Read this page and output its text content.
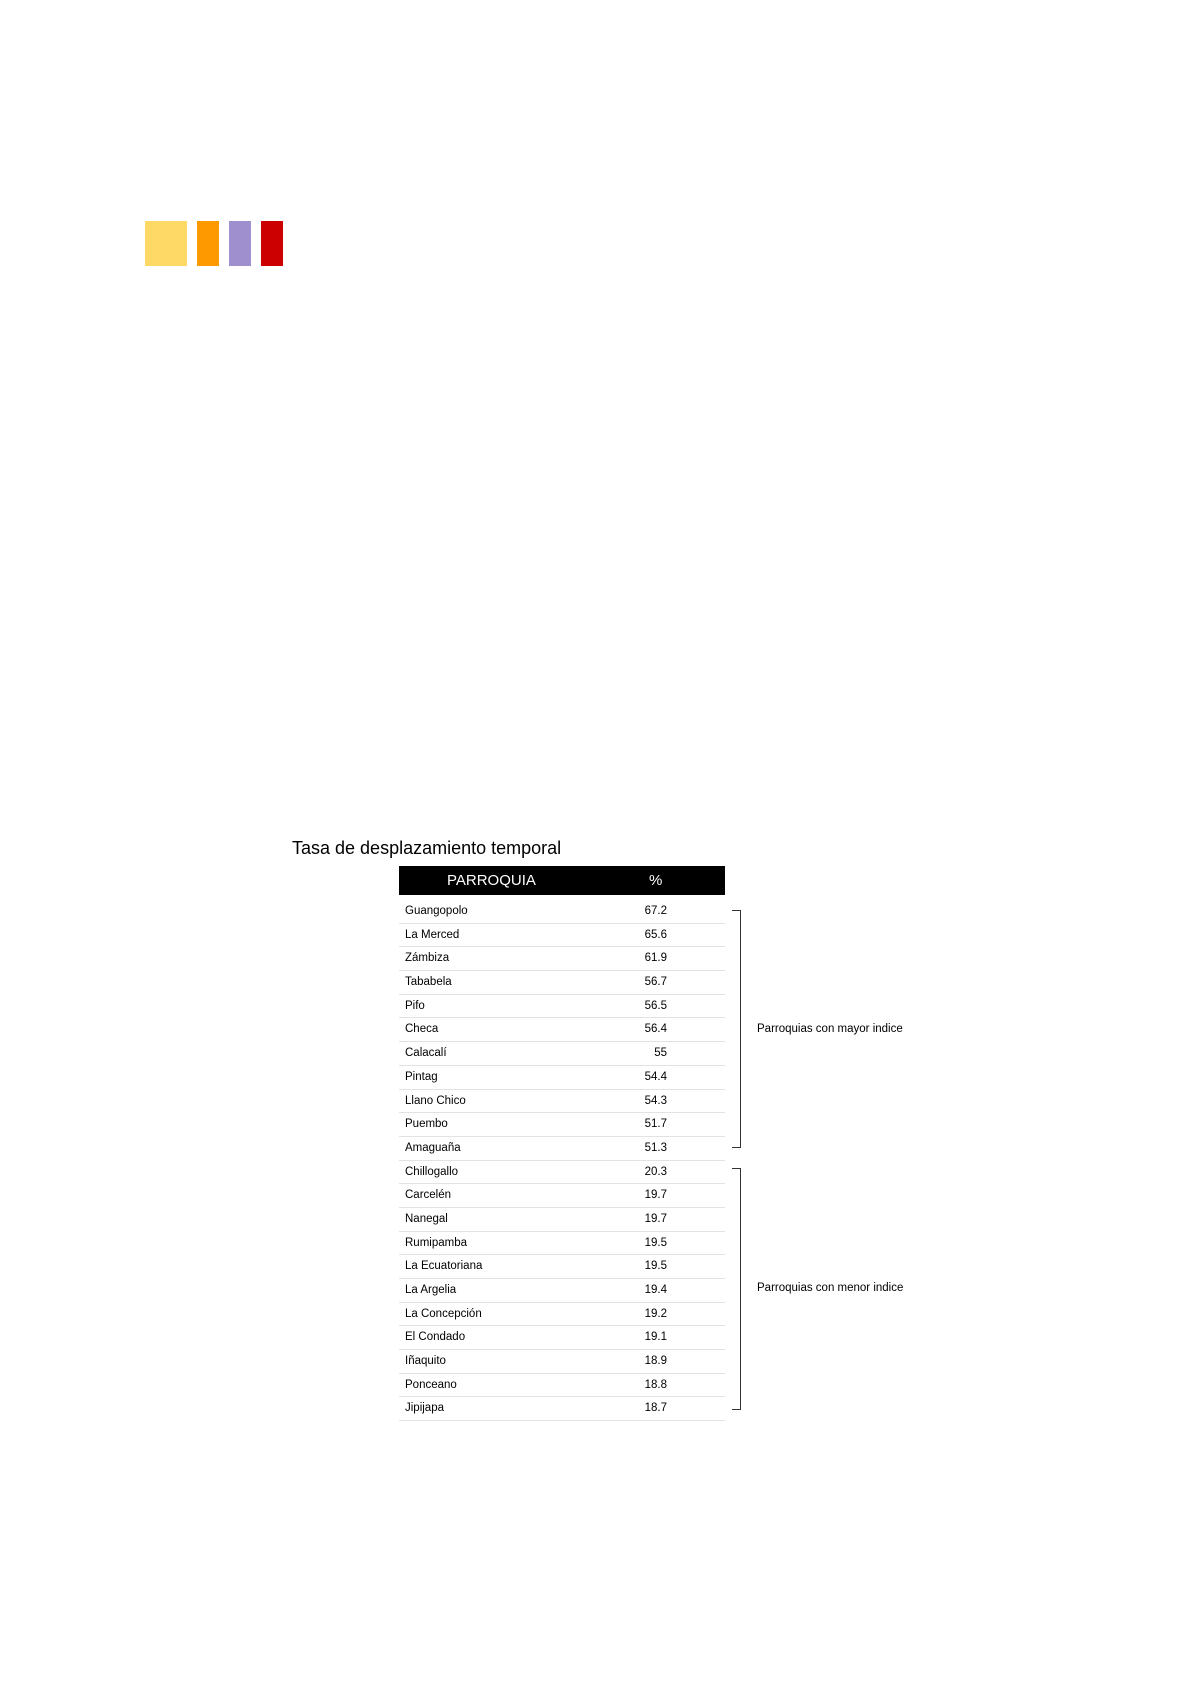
Tasa de desplazamiento temporal
PARROQUIA	%
Guangopolo	67.2
La Merced	65.6
Zámbiza	61.9
Tababela	56.7
Pifo	56.5
Checa	56.4
Calacalí	55
Pintag	54.4
Llano Chico	54.3
Puembo	51.7
Amaguaña	51.3
Chillogallo	20.3
Carcelén	19.7
Nanegal	19.7
Rumipamba	19.5
La Ecuatoriana	19.5
La Argelia	19.4
La Concepción	19.2
El Condado	19.1
Iñaquito	18.9
Ponceano	18.8
Jipijapa	18.7
Parroquias con mayor indice
Parroquias con menor indice
